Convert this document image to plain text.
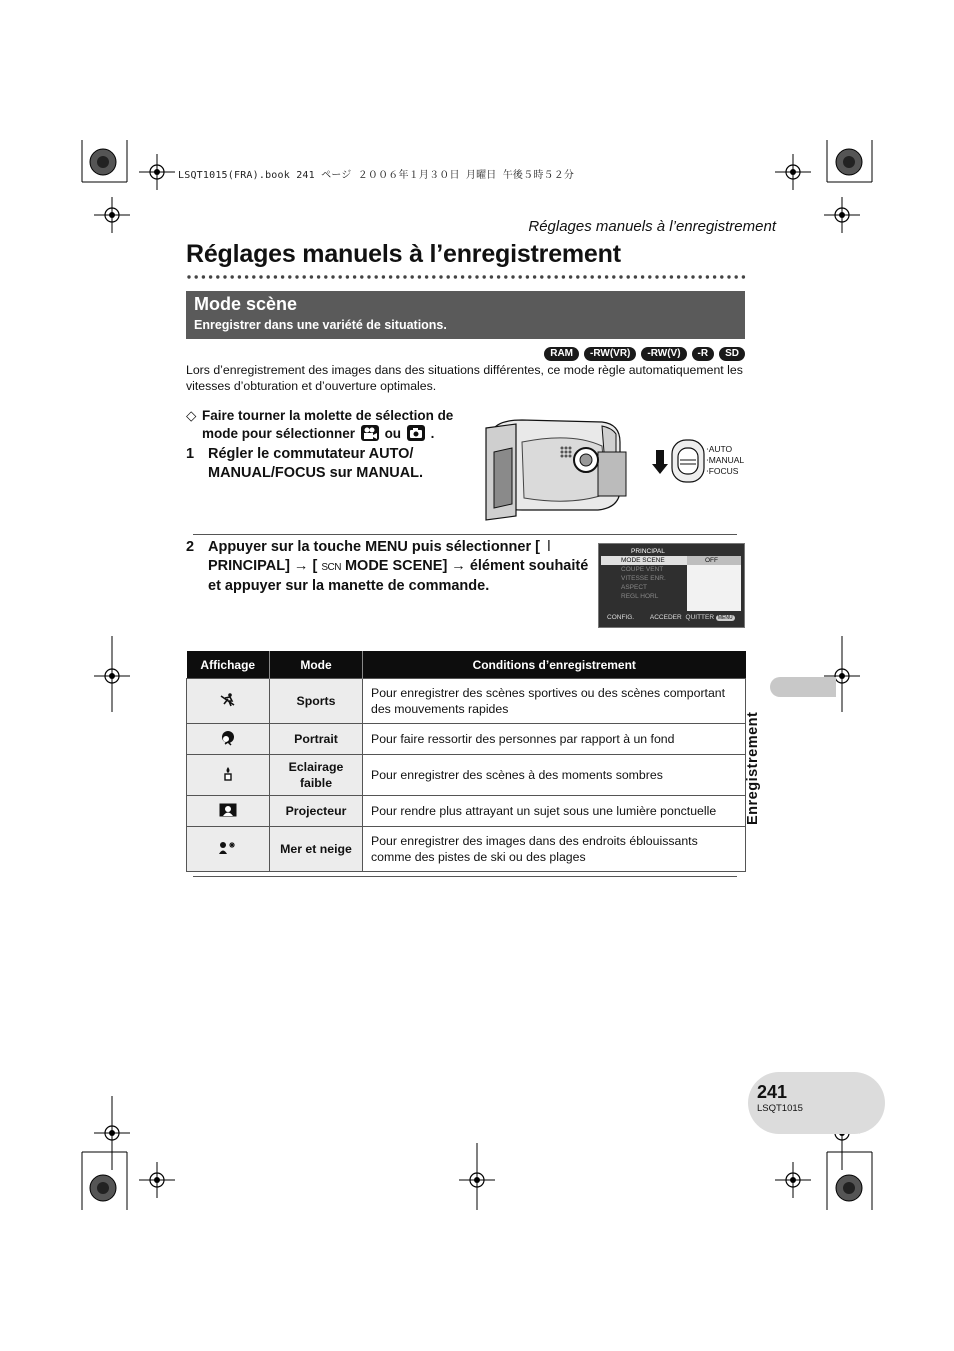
LSQT1015(FRA).book 241 ページ ２００６年１月３０日 月曜日 午後５時５２分
Réglages manuels à l’enregistrement
Réglages manuels à l’enregistrement
Mode scène
Enregistrer dans une variété de situations.
RAM	-RW(VR)	-RW(V)	-R	SD
Lors d’enregistrement des images dans des situations différentes, ce mode règle automatiquement les vitesses d’obturation et d’ouverture optimales.
◇ Faire tourner la molette de sélection de mode pour sélectionner ou .
1 Régler le commutateur AUTO/ MANUAL/FOCUS sur MANUAL.
⋅AUTO
⋅MANUAL
⋅FOCUS
2 Appuyer sur la touche MENU puis sélectionner [ ǀ PRINCIPAL] → [ SCN MODE SCENE] → élément souhaité et appuyer sur la manette de commande.
PRINCIPAL
MODE SCENE
COUPE VENT
VITESSE ENR.
ASPECT
REGL HORL
OFF
CONFIG. ACCEDER QUITTER MENU
Affichage	Mode	Conditions d’enregistrement
	Sports	Pour enregistrer des scènes sportives ou des scènes comportant des mouvements rapides
	Portrait	Pour faire ressortir des personnes par rapport à un fond
	Eclairage faible	Pour enregistrer des scènes à des moments sombres
	Projecteur	Pour rendre plus attrayant un sujet sous une lumière ponctuelle
	Mer et neige	Pour enregistrer des images dans des endroits éblouissants comme des pistes de ski ou des plages
Enregistrement
241
LSQT1015
